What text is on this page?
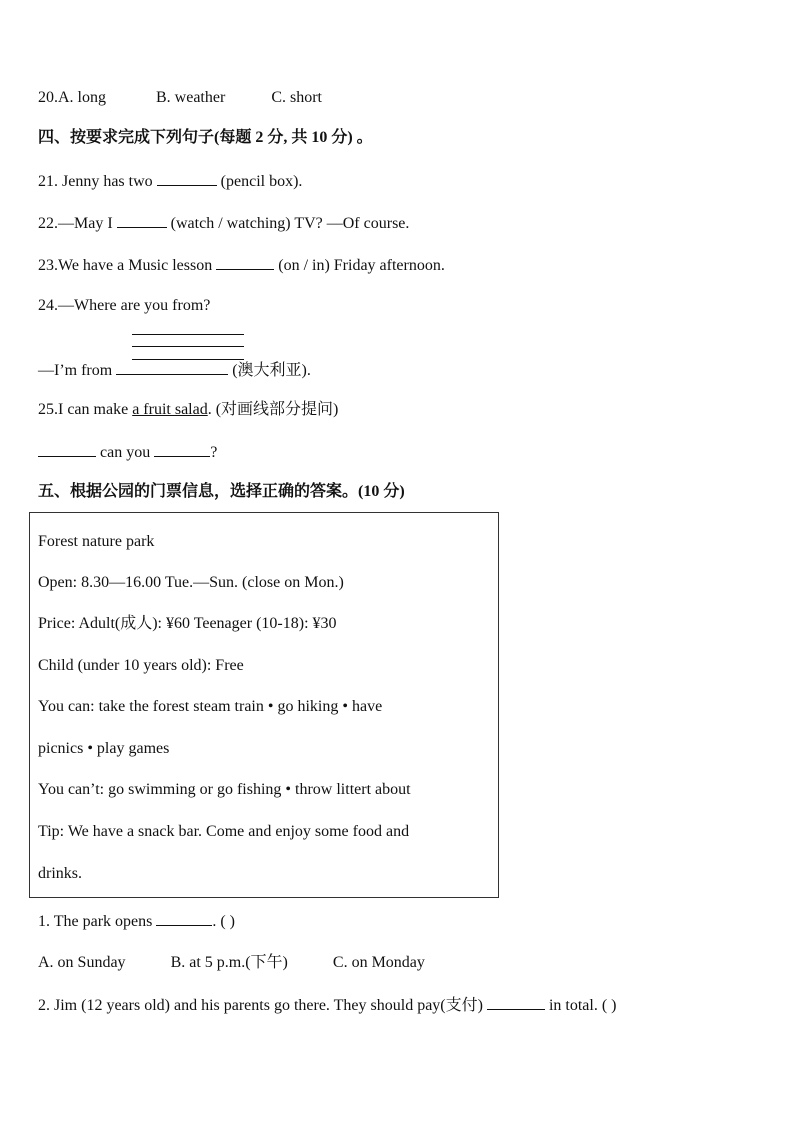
20.A. long	B. weather	C. short
四、按要求完成下列句子(每题 2 分, 共 10 分) 。
21. Jenny has two	(pencil box).
22.—May I	(watch / watching) TV? —Of course.
23.We have a Music lesson	(on / in) Friday afternoon.
24.—Where are you from?
—I’m from	(澳大利亚).
25.I can make a fruit salad. (对画线部分提问)
can you	?
五、根据公园的门票信息，选择正确的答案。(10 分)
Forest nature park
Open: 8.30—16.00 Tue.—Sun. (close on Mon.)
Price: Adult(成人): ¥60 Teenager (10-18): ¥30
Child (under 10 years old): Free
You can: take the forest steam train • go hiking • have
picnics • play games
You can’t: go swimming or go fishing • throw littert about
Tip: We have a snack bar. Come and enjoy some food and
drinks.
1. The park opens	. ( )
A. on Sunday	B. at 5 p.m.(下午)	C. on Monday
2. Jim (12 years old) and his parents go there. They should pay(支付)	in total. ( )
